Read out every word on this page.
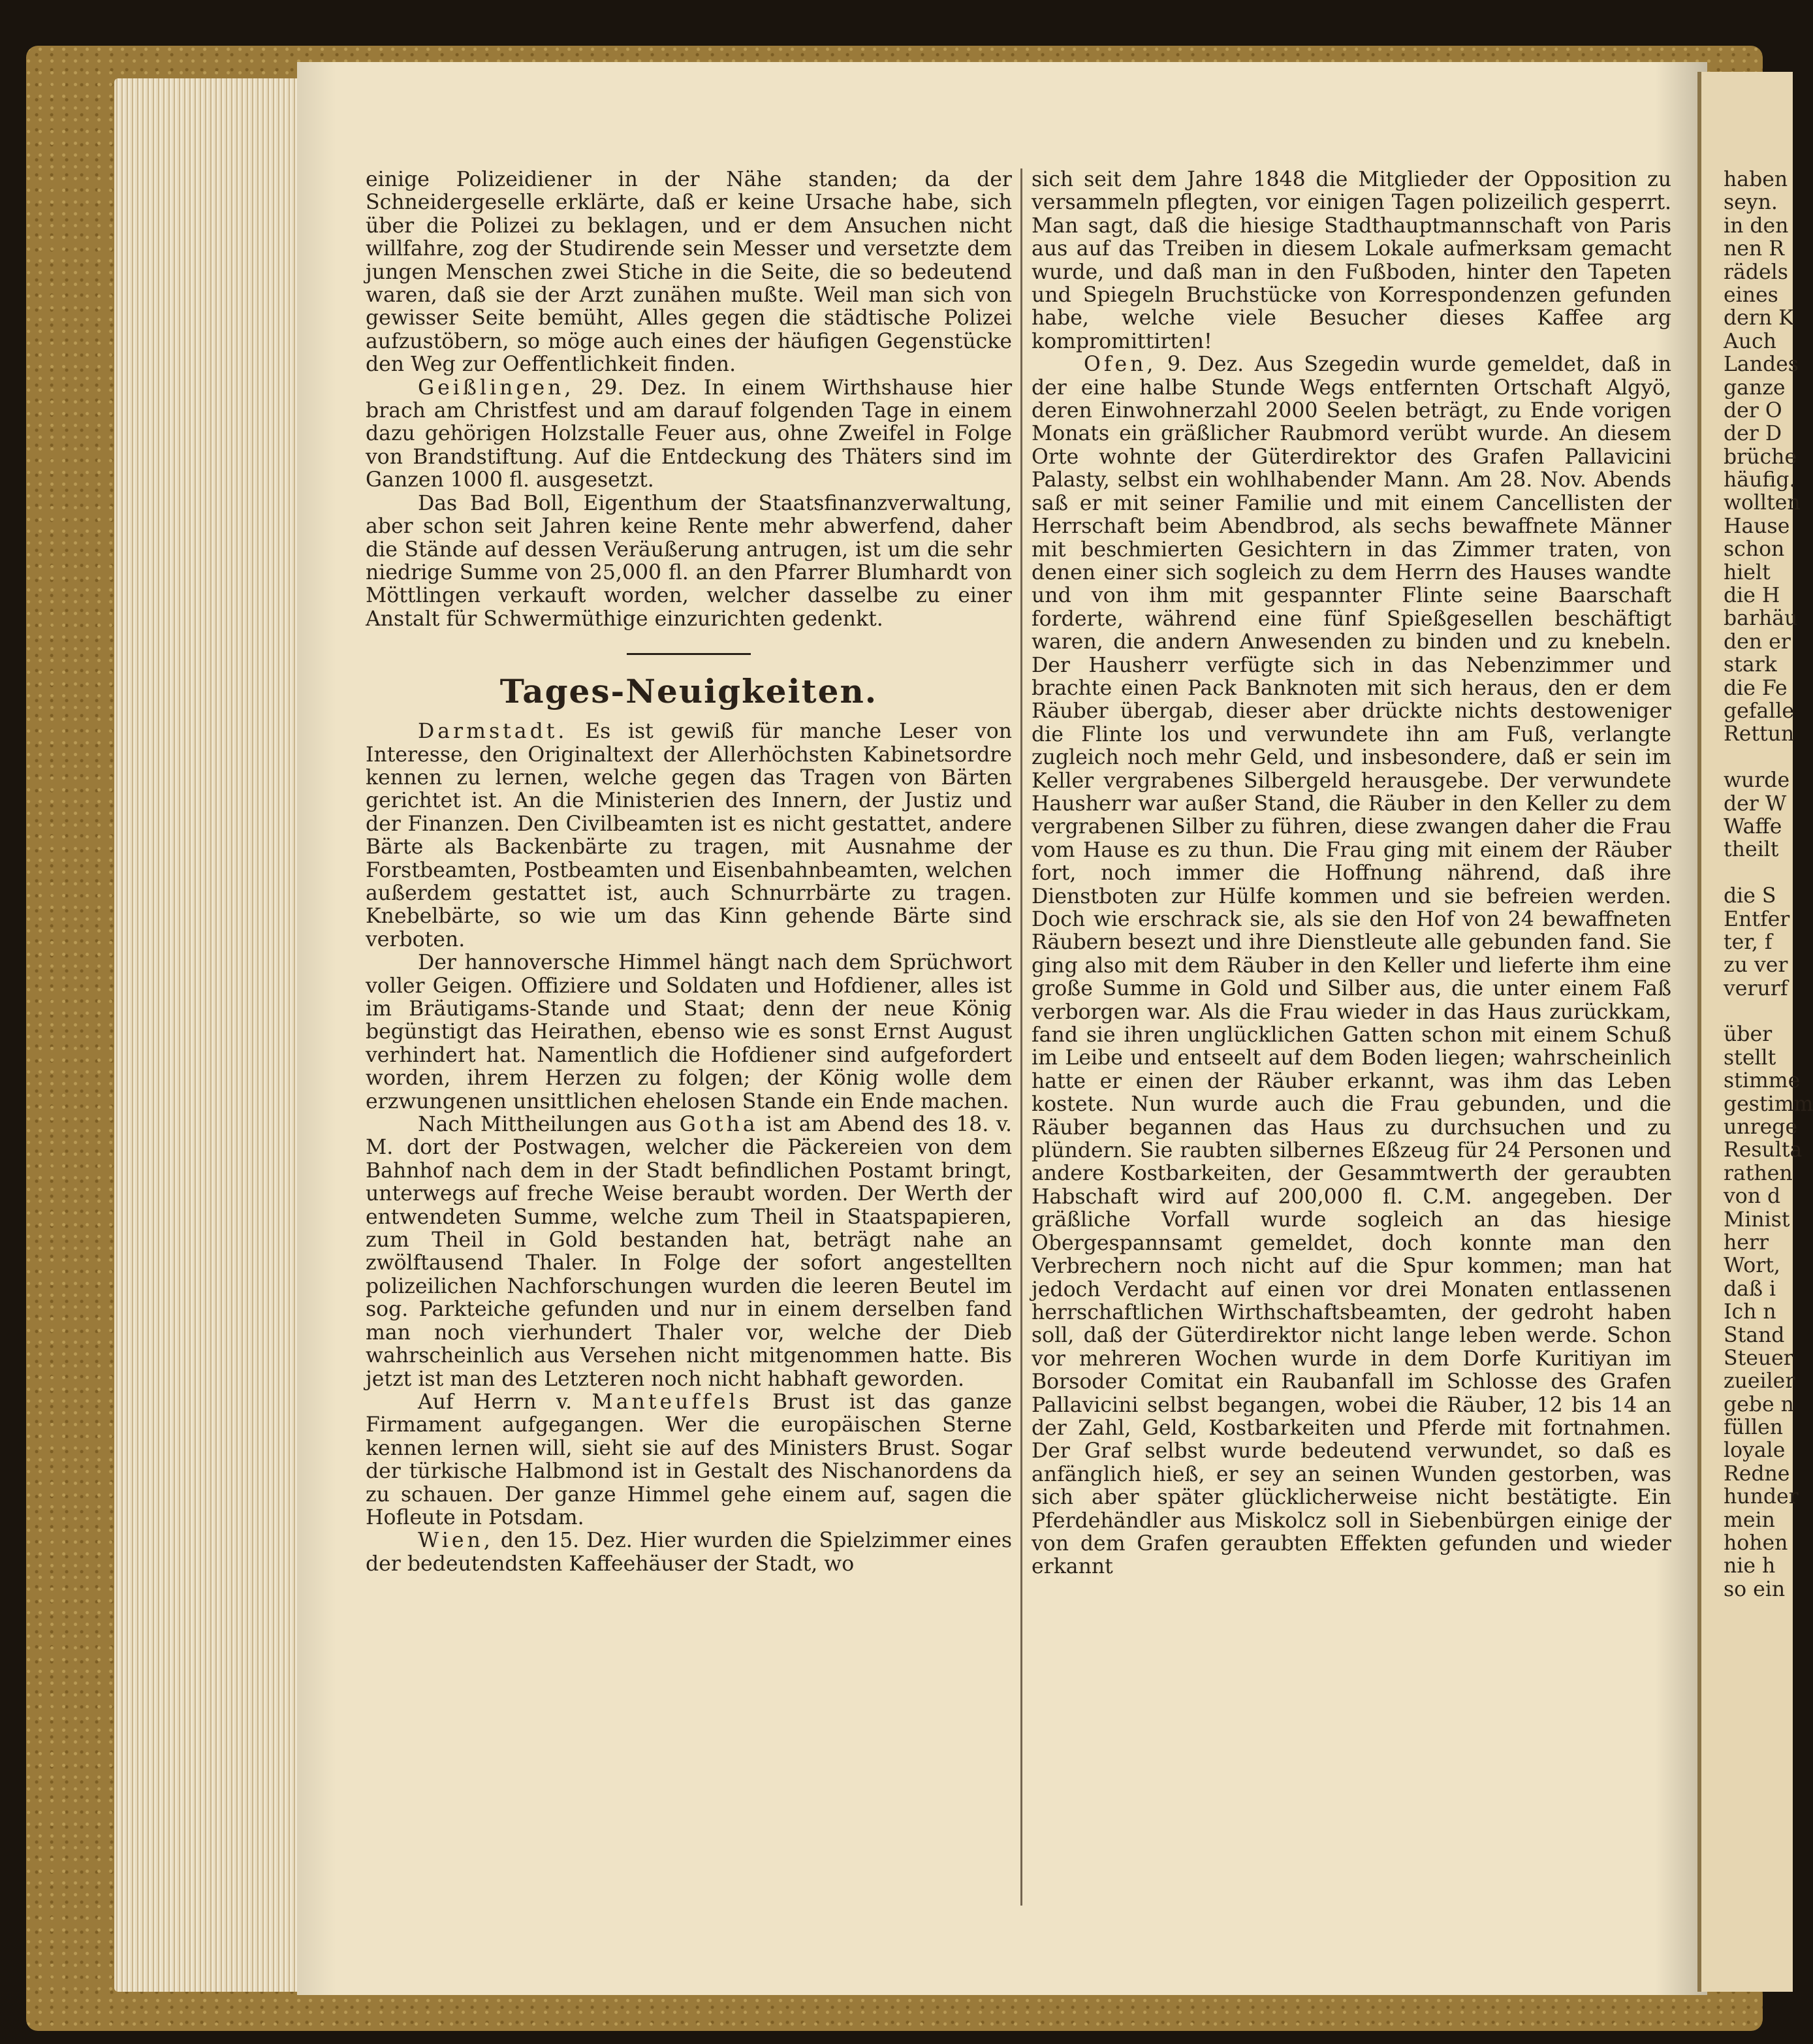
einige Polizeidiener in der Nähe standen; da der Schneidergeselle erklärte, daß er keine Ursache habe, sich über die Polizei zu beklagen, und er dem Ansuchen nicht willfahre, zog der Studirende sein Messer und versetzte dem jungen Menschen zwei Stiche in die Seite, die so bedeutend waren, daß sie der Arzt zunähen mußte. Weil man sich von gewisser Seite bemüht, Alles gegen die städtische Polizei aufzustöbern, so möge auch eines der häufigen Gegenstücke den Weg zur Oeffentlichkeit finden.

Geißlingen, 29. Dez. In einem Wirthshause hier brach am Christfest und am darauf folgenden Tage in einem dazu gehörigen Holzstalle Feuer aus, ohne Zweifel in Folge von Brandstiftung. Auf die Entdeckung des Thäters sind im Ganzen 1000 fl. ausgesetzt.

Das Bad Boll, Eigenthum der Staatsfinanzverwaltung, aber schon seit Jahren keine Rente mehr abwerfend, daher die Stände auf dessen Veräußerung antrugen, ist um die sehr niedrige Summe von 25,000 fl. an den Pfarrer Blumhardt von Möttlingen verkauft worden, welcher dasselbe zu einer Anstalt für Schwermüthige einzurichten gedenkt.

Tages-Neuigkeiten.

Darmstadt. Es ist gewiß für manche Leser von Interesse, den Originaltext der Allerhöchsten Kabinetsordre kennen zu lernen, welche gegen das Tragen von Bärten gerichtet ist. An die Ministerien des Innern, der Justiz und der Finanzen. Den Civilbeamten ist es nicht gestattet, andere Bärte als Backenbärte zu tragen, mit Ausnahme der Forstbeamten, Postbeamten und Eisenbahnbeamten, welchen außerdem gestattet ist, auch Schnurrbärte zu tragen. Knebelbärte, so wie um das Kinn gehende Bärte sind verboten.

Der hannoversche Himmel hängt nach dem Sprüchwort voller Geigen. Offiziere und Soldaten und Hofdiener, alles ist im Bräutigams-Stande und Staat; denn der neue König begünstigt das Heirathen, ebenso wie es sonst Ernst August verhindert hat. Namentlich die Hofdiener sind aufgefordert worden, ihrem Herzen zu folgen; der König wolle dem erzwungenen unsittlichen ehelosen Stande ein Ende machen.

Nach Mittheilungen aus Gotha ist am Abend des 18. v. M. dort der Postwagen, welcher die Päckereien von dem Bahnhof nach dem in der Stadt befindlichen Postamt bringt, unterwegs auf freche Weise beraubt worden. Der Werth der entwendeten Summe, welche zum Theil in Staatspapieren, zum Theil in Gold bestanden hat, beträgt nahe an zwölftausend Thaler. In Folge der sofort angestellten polizeilichen Nachforschungen wurden die leeren Beutel im sog. Parkteiche gefunden und nur in einem derselben fand man noch vierhundert Thaler vor, welche der Dieb wahrscheinlich aus Versehen nicht mitgenommen hatte. Bis jetzt ist man des Letzteren noch nicht habhaft geworden.

Auf Herrn v. Manteuffels Brust ist das ganze Firmament aufgegangen. Wer die europäischen Sterne kennen lernen will, sieht sie auf des Ministers Brust. Sogar der türkische Halbmond ist in Gestalt des Nischanordens da zu schauen. Der ganze Himmel gehe einem auf, sagen die Hofleute in Potsdam.

Wien, den 15. Dez. Hier wurden die Spielzimmer eines der bedeutendsten Kaffeehäuser der Stadt, wo

sich seit dem Jahre 1848 die Mitglieder der Opposition zu versammeln pflegten, vor einigen Tagen polizeilich gesperrt. Man sagt, daß die hiesige Stadthauptmannschaft von Paris aus auf das Treiben in diesem Lokale aufmerksam gemacht wurde, und daß man in den Fußboden, hinter den Tapeten und Spiegeln Bruchstücke von Korrespondenzen gefunden habe, welche viele Besucher dieses Kaffee arg kompromittirten!

Ofen, 9. Dez. Aus Szegedin wurde gemeldet, daß in der eine halbe Stunde Wegs entfernten Ortschaft Algyö, deren Einwohnerzahl 2000 Seelen beträgt, zu Ende vorigen Monats ein gräßlicher Raubmord verübt wurde. An diesem Orte wohnte der Güterdirektor des Grafen Pallavicini Palasty, selbst ein wohlhabender Mann. Am 28. Nov. Abends saß er mit seiner Familie und mit einem Cancellisten der Herrschaft beim Abendbrod, als sechs bewaffnete Männer mit beschmierten Gesichtern in das Zimmer traten, von denen einer sich sogleich zu dem Herrn des Hauses wandte und von ihm mit gespannter Flinte seine Baarschaft forderte, während eine fünf Spießgesellen beschäftigt waren, die andern Anwesenden zu binden und zu knebeln. Der Hausherr verfügte sich in das Nebenzimmer und brachte einen Pack Banknoten mit sich heraus, den er dem Räuber übergab, dieser aber drückte nichts destoweniger die Flinte los und verwundete ihn am Fuß, verlangte zugleich noch mehr Geld, und insbesondere, daß er sein im Keller vergrabenes Silbergeld herausgebe. Der verwundete Hausherr war außer Stand, die Räuber in den Keller zu dem vergrabenen Silber zu führen, diese zwangen daher die Frau vom Hause es zu thun. Die Frau ging mit einem der Räuber fort, noch immer die Hoffnung nährend, daß ihre Dienstboten zur Hülfe kommen und sie befreien werden. Doch wie erschrack sie, als sie den Hof von 24 bewaffneten Räubern besezt und ihre Dienstleute alle gebunden fand. Sie ging also mit dem Räuber in den Keller und lieferte ihm eine große Summe in Gold und Silber aus, die unter einem Faß verborgen war. Als die Frau wieder in das Haus zurückkam, fand sie ihren unglücklichen Gatten schon mit einem Schuß im Leibe und entseelt auf dem Boden liegen; wahrscheinlich hatte er einen der Räuber erkannt, was ihm das Leben kostete. Nun wurde auch die Frau gebunden, und die Räuber begannen das Haus zu durchsuchen und zu plündern. Sie raubten silbernes Eßzeug für 24 Personen und andere Kostbarkeiten, der Gesammtwerth der geraubten Habschaft wird auf 200,000 fl. C.M. angegeben. Der gräßliche Vorfall wurde sogleich an das hiesige Obergespannsamt gemeldet, doch konnte man den Verbrechern noch nicht auf die Spur kommen; man hat jedoch Verdacht auf einen vor drei Monaten entlassenen herrschaftlichen Wirthschaftsbeamten, der gedroht haben soll, daß der Güterdirektor nicht lange leben werde. Schon vor mehreren Wochen wurde in dem Dorfe Kuritiyan im Borsoder Comitat ein Raubanfall im Schlosse des Grafen Pallavicini selbst begangen, wobei die Räuber, 12 bis 14 an der Zahl, Geld, Kostbarkeiten und Pferde mit fortnahmen. Der Graf selbst wurde bedeutend verwundet, so daß es anfänglich hieß, er sey an seinen Wunden gestorben, was sich aber später glücklicherweise nicht bestätigte. Ein Pferdehändler aus Miskolcz soll in Siebenbürgen einige der von dem Grafen geraubten Effekten gefunden und wieder erkannt

haben
seyn.
in den
nen R
rädels
eines
dern K
Auch
Landes
ganze
der O
der D
brüche
häufig.
wollten
Hause
schon
hielt
die H
barhäu
den er
stark
die Fe
gefalle
Rettun
wurde
der W
Waffe
theilt
die S
Entfer
ter, f
zu ver
verurf
über
stellt
stimme
gestimm
unrege
Resulta
rathen
von d
Minist
herr
Wort,
daß i
Ich n
Stand
Steuer
zueiler
gebe n
füllen
loyale
Redne
hunder
mein
hohen
nie h
so ein
